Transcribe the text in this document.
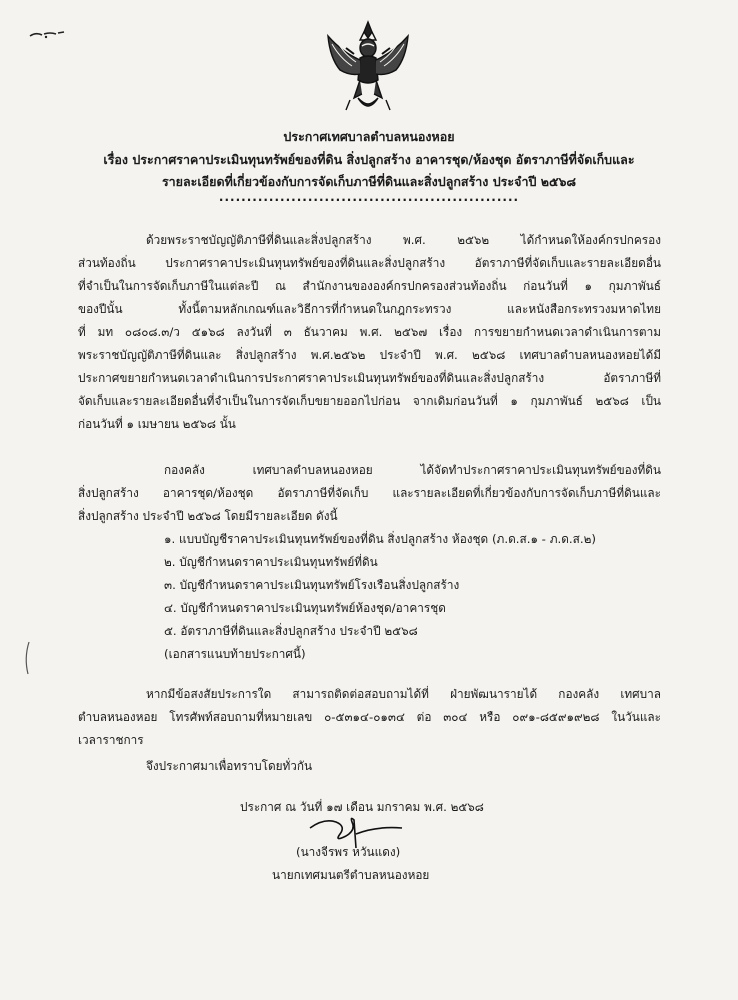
ประกาศเทศบาลตำบลหนองหอย
เรื่อง ประกาศราคาประเมินทุนทรัพย์ของที่ดิน สิ่งปลูกสร้าง อาคารชุด/ห้องชุด อัตราภาษีที่จัดเก็บและ
รายละเอียดที่เกี่ยวข้องกับการจัดเก็บภาษีที่ดินและสิ่งปลูกสร้าง ประจำปี ๒๕๖๘
......................................................
ด้วยพระราชบัญญัติภาษีที่ดินและสิ่งปลูกสร้าง พ.ศ. ๒๕๖๒ ได้กำหนดให้องค์กรปกครอง
ส่วนท้องถิ่น ประกาศราคาประเมินทุนทรัพย์ของที่ดินและสิ่งปลูกสร้าง อัตราภาษีที่จัดเก็บและรายละเอียดอื่น
ที่จำเป็นในการจัดเก็บภาษีในแต่ละปี ณ สำนักงานขององค์กรปกครองส่วนท้องถิ่น ก่อนวันที่ ๑ กุมภาพันธ์
ของปีนั้น ทั้งนี้ตามหลักเกณฑ์และวิธีการที่กำหนดในกฎกระทรวง และหนังสือกระทรวงมหาดไทย
ที่ มท ๐๘๐๘.๓/ว ๕๑๖๘ ลงวันที่ ๓ ธันวาคม พ.ศ. ๒๕๖๗ เรื่อง การขยายกำหนดเวลาดำเนินการตาม
พระราชบัญญัติภาษีที่ดินและ สิ่งปลูกสร้าง พ.ศ.๒๕๖๒ ประจำปี พ.ศ. ๒๕๖๘ เทศบาลตำบลหนองหอยได้มี
ประกาศขยายกำหนดเวลาดำเนินการประกาศราคาประเมินทุนทรัพย์ของที่ดินและสิ่งปลูกสร้าง อัตราภาษีที่
จัดเก็บและรายละเอียดอื่นที่จำเป็นในการจัดเก็บขยายออกไปก่อน จากเดิมก่อนวันที่ ๑ กุมภาพันธ์ ๒๕๖๘ เป็น
ก่อนวันที่ ๑ เมษายน ๒๕๖๘ นั้น
กองคลัง เทศบาลตำบลหนองหอย ได้จัดทำประกาศราคาประเมินทุนทรัพย์ของที่ดิน
สิ่งปลูกสร้าง อาคารชุด/ห้องชุด อัตราภาษีที่จัดเก็บ และรายละเอียดที่เกี่ยวข้องกับการจัดเก็บภาษีที่ดินและ
สิ่งปลูกสร้าง ประจำปี ๒๕๖๘ โดยมีรายละเอียด ดังนี้
๑. แบบบัญชีราคาประเมินทุนทรัพย์ของที่ดิน สิ่งปลูกสร้าง ห้องชุด (ภ.ด.ส.๑ - ภ.ด.ส.๒)
๒. บัญชีกำหนดราคาประเมินทุนทรัพย์ที่ดิน
๓. บัญชีกำหนดราคาประเมินทุนทรัพย์โรงเรือนสิ่งปลูกสร้าง
๔. บัญชีกำหนดราคาประเมินทุนทรัพย์ห้องชุด/อาคารชุด
๕. อัตราภาษีที่ดินและสิ่งปลูกสร้าง ประจำปี ๒๕๖๘
(เอกสารแนบท้ายประกาศนี้)
หากมีข้อสงสัยประการใด สามารถติดต่อสอบถามได้ที่ ฝ่ายพัฒนารายได้ กองคลัง เทศบาล
ตำบลหนองหอย โทรศัพท์สอบถามที่หมายเลข ๐-๕๓๑๔-๐๑๓๔ ต่อ ๓๐๔ หรือ ๐๙๑-๘๕๙๑๙๒๘ ในวันและ
เวลาราชการ
จึงประกาศมาเพื่อทราบโดยทั่วกัน
ประกาศ ณ วันที่ ๑๗ เดือน มกราคม พ.ศ. ๒๕๖๘
(นางจีรพร หวันแดง)
นายกเทศมนตรีตำบลหนองหอย
